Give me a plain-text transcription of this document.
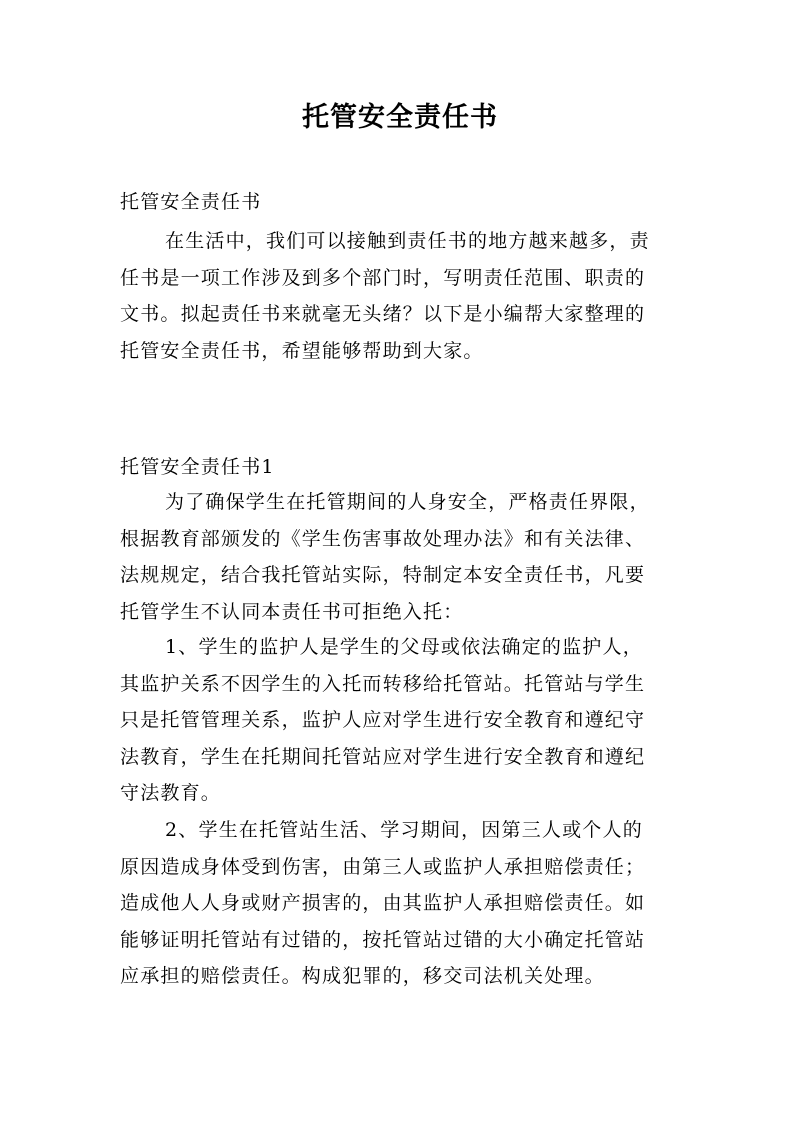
托管安全责任书

托管安全责任书

在生活中，我们可以接触到责任书的地方越来越多，责
任书是一项工作涉及到多个部门时，写明责任范围、职责的
文书。拟起责任书来就毫无头绪？以下是小编帮大家整理的
托管安全责任书，希望能够帮助到大家。

托管安全责任书1

为了确保学生在托管期间的人身安全，严格责任界限，
根据教育部颁发的《学生伤害事故处理办法》和有关法律、
法规规定，结合我托管站实际，特制定本安全责任书，凡要
托管学生不认同本责任书可拒绝入托：
1、学生的监护人是学生的父母或依法确定的监护人，
其监护关系不因学生的入托而转移给托管站。托管站与学生
只是托管管理关系，监护人应对学生进行安全教育和遵纪守
法教育，学生在托期间托管站应对学生进行安全教育和遵纪
守法教育。
2、学生在托管站生活、学习期间，因第三人或个人的
原因造成身体受到伤害，由第三人或监护人承担赔偿责任；
造成他人人身或财产损害的，由其监护人承担赔偿责任。如
能够证明托管站有过错的，按托管站过错的大小确定托管站
应承担的赔偿责任。构成犯罪的，移交司法机关处理。
